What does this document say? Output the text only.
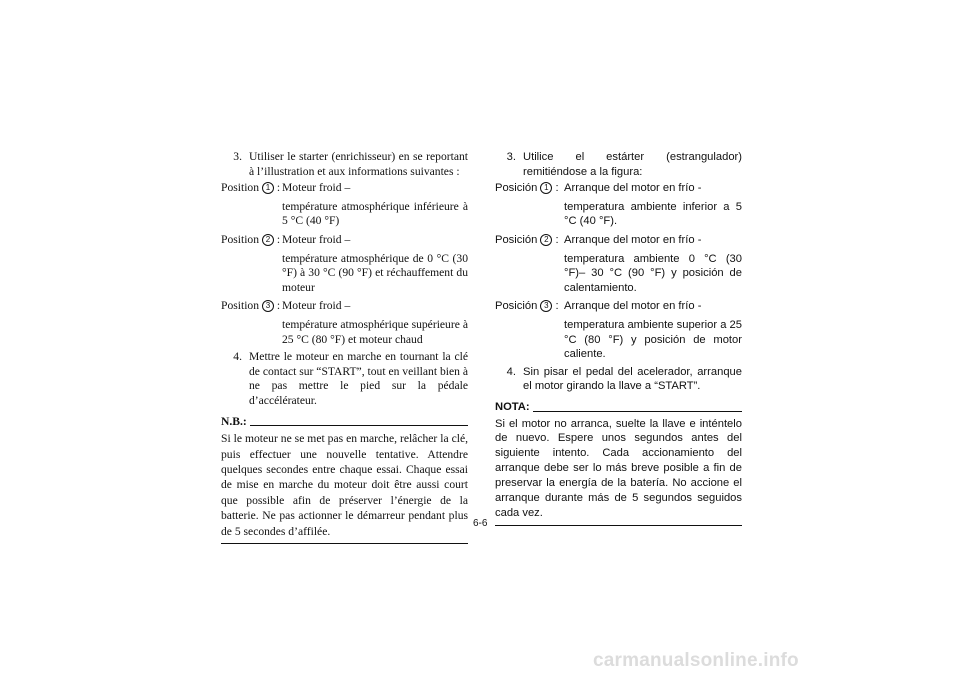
3. Utiliser le starter (enrichisseur) en se reportant à l’illustration et aux informations suivantes :
Position 1 : Moteur froid –
température atmosphérique inférieure à 5 °C (40 °F)
Position 2 : Moteur froid –
température atmosphérique de 0 °C (30 °F) à 30 °C (90 °F) et réchauffement du moteur
Position 3 : Moteur froid –
température atmosphérique supérieure à 25 °C (80 °F) et moteur chaud
4. Mettre le moteur en marche en tournant la clé de contact sur “START”, tout en veillant bien à ne pas mettre le pied sur la pédale d’accélérateur.
N.B.:
Si le moteur ne se met pas en marche, relâcher la clé, puis effectuer une nouvelle tentative. Attendre quelques secondes entre chaque essai. Chaque essai de mise en marche du moteur doit être aussi court que possible afin de préserver l’énergie de la batterie. Ne pas actionner le démarreur pendant plus de 5 secondes d’affilée.
3. Utilice el estárter (estrangulador) remitiéndose a la figura:
Posición 1 : Arranque del motor en frío -
temperatura ambiente inferior a 5 °C (40 °F).
Posición 2 : Arranque del motor en frío -
temperatura ambiente 0 °C (30 °F)– 30 °C (90 °F) y posición de calentamiento.
Posición 3 : Arranque del motor en frío -
temperatura ambiente superior a 25 °C (80 °F) y posición de motor caliente.
4. Sin pisar el pedal del acelerador, arranque el motor girando la llave a “START”.
NOTA:
Si el motor no arranca, suelte la llave e inténtelo de nuevo. Espere unos segundos antes del siguiente intento. Cada accionamiento del arranque debe ser lo más breve posible a fin de preservar la energía de la batería. No accione el arranque durante más de 5 segundos seguidos cada vez.
6-6
carmanualsonline.info
